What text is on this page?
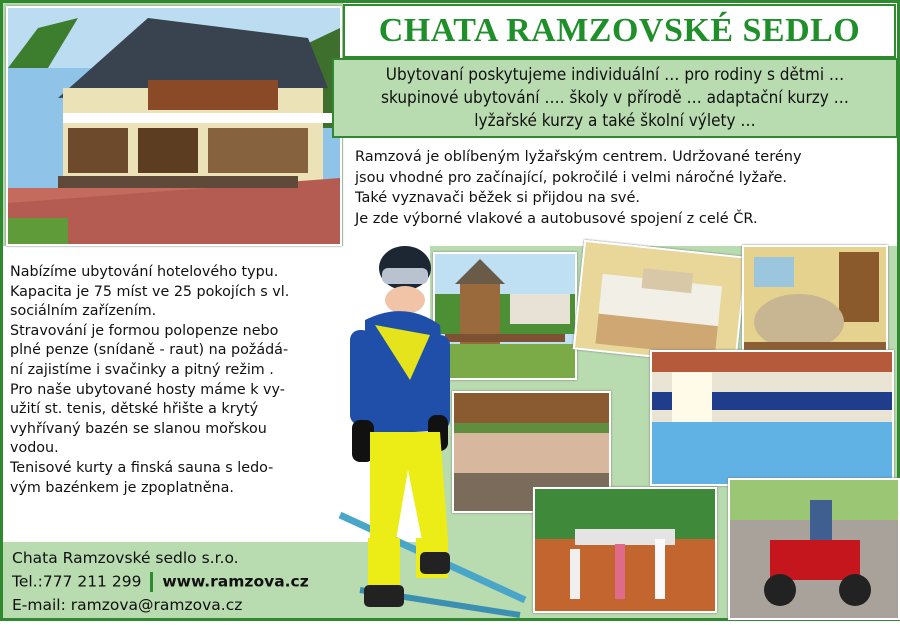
CHATA RAMZOVSKÉ SEDLO
Ubytovaní poskytujeme individuální … pro rodiny s dětmi …
skupinové ubytování …. školy v přírodě … adaptační kurzy …
lyžařské kurzy a také školní výlety …
Ramzová je oblíbeným lyžařským centrem. Udržované terény
jsou vhodné pro začínající, pokročilé i velmi náročné lyžaře.
Také vyznavači běžek si přijdou na své.
Je zde výborné vlakové a autobusové spojení z celé ČR.
Nabízíme ubytování hotelového typu.
Kapacita je 75 míst ve 25 pokojích s vl.
sociálním zařízením.
Stravování je formou polopenze nebo
plné penze (snídaně - raut) na požádá-
ní zajistíme i svačinky a pitný režim .
Pro naše ubytované hosty máme k vy-
užití st. tenis, dětské hřište a krytý
vyhřívaný bazén se slanou mořskou
vodou.
Tenisové kurty a finská sauna s ledo-
vým bazénkem je zpoplatněna.
Chata Ramzovské sedlo s.r.o.
Tel.:777 211 299 www.ramzova.cz
E-mail: ramzova@ramzova.cz
